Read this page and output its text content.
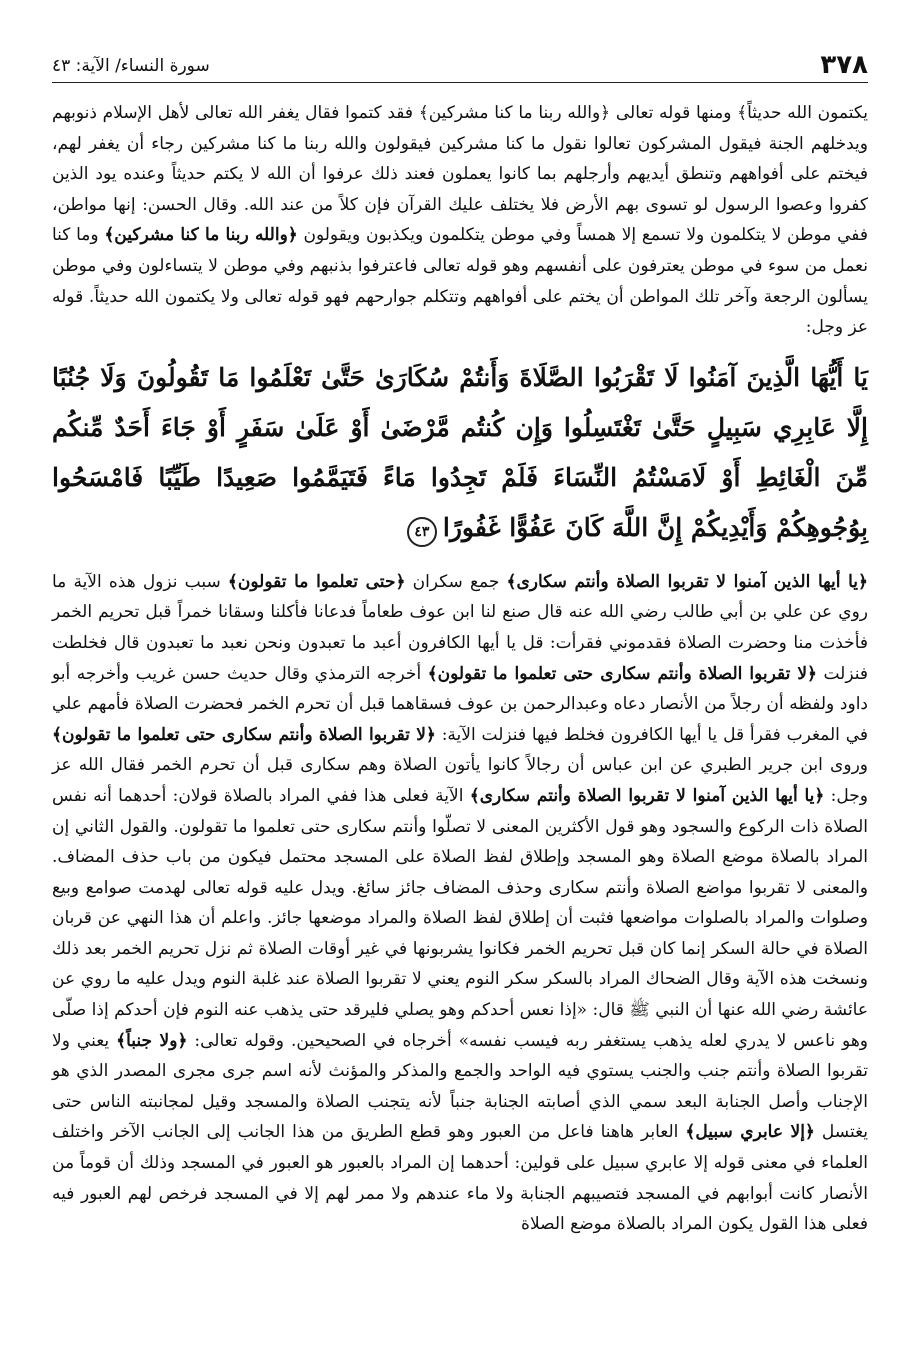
٣٧٨
سورة النساء/ الآية: ٤٣

يكتمون الله حديثاً﴾ ومنها قوله تعالى ﴿والله ربنا ما كنا مشركين﴾ فقد كتموا فقال يغفر الله تعالى لأهل الإسلام ذنوبهم ويدخلهم الجنة فيقول المشركون تعالوا نقول ما كنا مشركين فيقولون والله ربنا ما كنا مشركين رجاء أن يغفر لهم، فيختم على أفواههم وتنطق أيديهم وأرجلهم بما كانوا يعملون فعند ذلك عرفوا أن الله لا يكتم حديثاً وعنده يود الذين كفروا وعصوا الرسول لو تسوى بهم الأرض فلا يختلف عليك القرآن فإن كلاً من عند الله. وقال الحسن: إنها مواطن، ففي موطن لا يتكلمون ولا تسمع إلا همساً وفي موطن يتكلمون ويكذبون ويقولون ﴿والله ربنا ما كنا مشركين﴾ وما كنا نعمل من سوء في موطن يعترفون على أنفسهم وهو قوله تعالى فاعترفوا بذنبهم وفي موطن لا يتساءلون وفي موطن يسألون الرجعة وآخر تلك المواطن أن يختم على أفواههم وتتكلم جوارحهم فهو قوله تعالى ولا يكتمون الله حديثاً. قوله عز وجل:

يَا أَيُّهَا الَّذِينَ آمَنُوا لَا تَقْرَبُوا الصَّلَاةَ وَأَنتُمْ سُكَارَىٰ حَتَّىٰ تَعْلَمُوا مَا تَقُولُونَ وَلَا جُنُبًا إِلَّا عَابِرِي سَبِيلٍ حَتَّىٰ تَغْتَسِلُوا وَإِن كُنتُم مَّرْضَىٰ أَوْ عَلَىٰ سَفَرٍ أَوْ جَاءَ أَحَدٌ مِّنكُم مِّنَ الْغَائِطِ أَوْ لَامَسْتُمُ النِّسَاءَ فَلَمْ تَجِدُوا مَاءً فَتَيَمَّمُوا صَعِيدًا طَيِّبًا فَامْسَحُوا بِوُجُوهِكُمْ وَأَيْدِيكُمْ إِنَّ اللَّهَ كَانَ عَفُوًّا غَفُورًا٤٣

﴿يا أيها الذين آمنوا لا تقربوا الصلاة وأنتم سكارى﴾ جمع سكران ﴿حتى تعلموا ما تقولون﴾ سبب نزول هذه الآية ما روي عن علي بن أبي طالب رضي الله عنه قال صنع لنا ابن عوف طعاماً فدعانا فأكلنا وسقانا خمراً قبل تحريم الخمر فأخذت منا وحضرت الصلاة فقدموني فقرأت: قل يا أيها الكافرون أعبد ما تعبدون ونحن نعبد ما تعبدون قال فخلطت فنزلت ﴿لا تقربوا الصلاة وأنتم سكارى حتى تعلموا ما تقولون﴾ أخرجه الترمذي وقال حديث حسن غريب وأخرجه أبو داود ولفظه أن رجلاً من الأنصار دعاه وعبدالرحمن بن عوف فسقاهما قبل أن تحرم الخمر فحضرت الصلاة فأمهم علي في المغرب فقرأ قل يا أيها الكافرون فخلط فيها فنزلت الآية: ﴿لا تقربوا الصلاة وأنتم سكارى حتى تعلموا ما تقولون﴾ وروى ابن جرير الطبري عن ابن عباس أن رجالاً كانوا يأتون الصلاة وهم سكارى قبل أن تحرم الخمر فقال الله عز وجل: ﴿يا أيها الذين آمنوا لا تقربوا الصلاة وأنتم سكارى﴾ الآية فعلى هذا ففي المراد بالصلاة قولان: أحدهما أنه نفس الصلاة ذات الركوع والسجود وهو قول الأكثرين المعنى لا تصلّوا وأنتم سكارى حتى تعلموا ما تقولون. والقول الثاني إن المراد بالصلاة موضع الصلاة وهو المسجد وإطلاق لفظ الصلاة على المسجد محتمل فيكون من باب حذف المضاف. والمعنى لا تقربوا مواضع الصلاة وأنتم سكارى وحذف المضاف جائز سائغ. ويدل عليه قوله تعالى لهدمت صوامع وبيع وصلوات والمراد بالصلوات مواضعها فثبت أن إطلاق لفظ الصلاة والمراد موضعها جائز. واعلم أن هذا النهي عن قربان الصلاة في حالة السكر إنما كان قبل تحريم الخمر فكانوا يشربونها في غير أوقات الصلاة ثم نزل تحريم الخمر بعد ذلك ونسخت هذه الآية وقال الضحاك المراد بالسكر سكر النوم يعني لا تقربوا الصلاة عند غلبة النوم ويدل عليه ما روي عن عائشة رضي الله عنها أن النبي ﷺ قال: «إذا نعس أحدكم وهو يصلي فليرقد حتى يذهب عنه النوم فإن أحدكم إذا صلّى وهو ناعس لا يدري لعله يذهب يستغفر ربه فيسب نفسه» أخرجاه في الصحيحين. وقوله تعالى: ﴿ولا جنباً﴾ يعني ولا تقربوا الصلاة وأنتم جنب والجنب يستوي فيه الواحد والجمع والمذكر والمؤنث لأنه اسم جرى مجرى المصدر الذي هو الإجناب وأصل الجنابة البعد سمي الذي أصابته الجنابة جنباً لأنه يتجنب الصلاة والمسجد وقيل لمجانبته الناس حتى يغتسل ﴿إلا عابري سبيل﴾ العابر هاهنا فاعل من العبور وهو قطع الطريق من هذا الجانب إلى الجانب الآخر واختلف العلماء في معنى قوله إلا عابري سبيل على قولين: أحدهما إن المراد بالعبور هو العبور في المسجد وذلك أن قوماً من الأنصار كانت أبوابهم في المسجد فتصيبهم الجنابة ولا ماء عندهم ولا ممر لهم إلا في المسجد فرخص لهم العبور فيه فعلى هذا القول يكون المراد بالصلاة موضع الصلاة
